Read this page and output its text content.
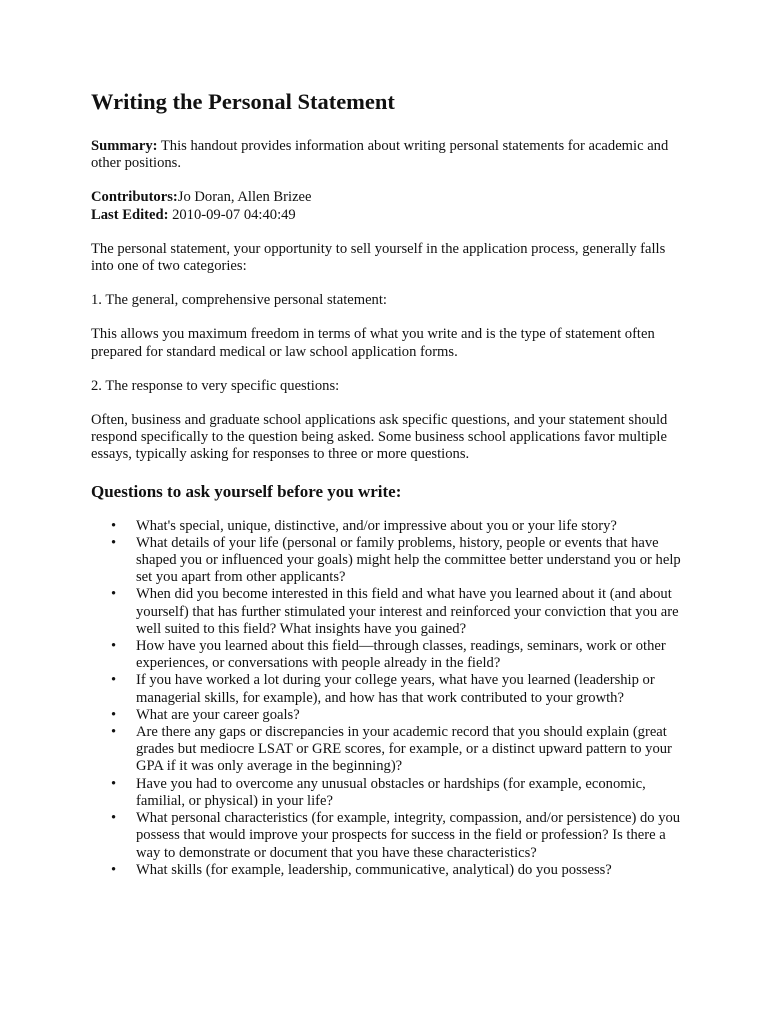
Writing the Personal Statement

Summary: This handout provides information about writing personal statements for academic and other positions.

Contributors:Jo Doran, Allen Brizee
Last Edited: 2010-09-07 04:40:49

The personal statement, your opportunity to sell yourself in the application process, generally falls into one of two categories:

1. The general, comprehensive personal statement:

This allows you maximum freedom in terms of what you write and is the type of statement often prepared for standard medical or law school application forms.

2. The response to very specific questions:

Often, business and graduate school applications ask specific questions, and your statement should respond specifically to the question being asked. Some business school applications favor multiple essays, typically asking for responses to three or more questions.

Questions to ask yourself before you write:
• What's special, unique, distinctive, and/or impressive about you or your life story?
• What details of your life (personal or family problems, history, people or events that have shaped you or influenced your goals) might help the committee better understand you or help set you apart from other applicants?
• When did you become interested in this field and what have you learned about it (and about yourself) that has further stimulated your interest and reinforced your conviction that you are well suited to this field? What insights have you gained?
• How have you learned about this field—through classes, readings, seminars, work or other experiences, or conversations with people already in the field?
• If you have worked a lot during your college years, what have you learned (leadership or managerial skills, for example), and how has that work contributed to your growth?
• What are your career goals?
• Are there any gaps or discrepancies in your academic record that you should explain (great grades but mediocre LSAT or GRE scores, for example, or a distinct upward pattern to your GPA if it was only average in the beginning)?
• Have you had to overcome any unusual obstacles or hardships (for example, economic, familial, or physical) in your life?
• What personal characteristics (for example, integrity, compassion, and/or persistence) do you possess that would improve your prospects for success in the field or profession? Is there a way to demonstrate or document that you have these characteristics?
• What skills (for example, leadership, communicative, analytical) do you possess?
